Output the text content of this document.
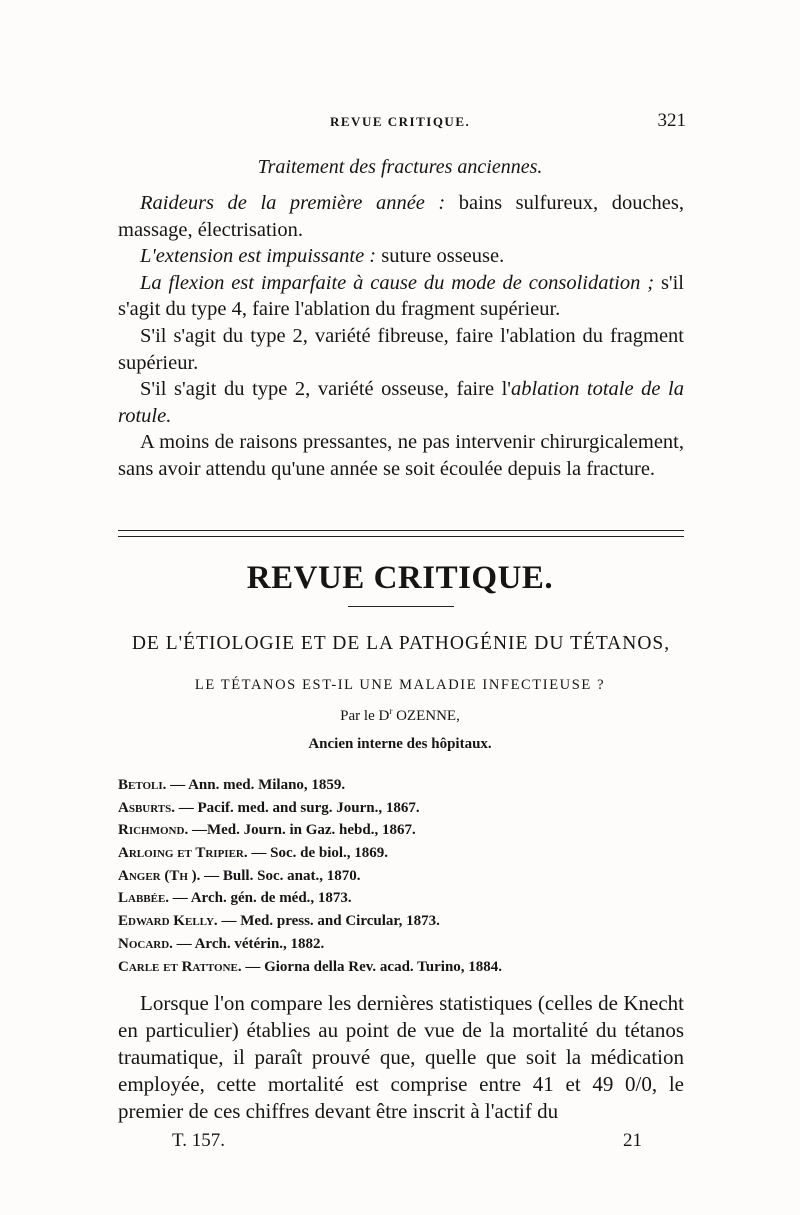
REVUE CRITIQUE.	321
Traitement des fractures anciennes.

Raideurs de la première année : bains sulfureux, douches, massage, électrisation.

L'extension est impuissante : suture osseuse.

La flexion est imparfaite à cause du mode de consolidation ; s'il s'agit du type 4, faire l'ablation du fragment supérieur.

S'il s'agit du type 2, variété fibreuse, faire l'ablation du fragment supérieur.

S'il s'agit du type 2, variété osseuse, faire l'ablation totale de la rotule.

A moins de raisons pressantes, ne pas intervenir chirurgicalement, sans avoir attendu qu'une année se soit écoulée depuis la fracture.

REVUE CRITIQUE.
DE L'ÉTIOLOGIE ET DE LA PATHOGÉNIE DU TÉTANOS,
LE TÉTANOS EST-IL UNE MALADIE INFECTIEUSE ?
Par le $D^r$ OZENNE,
Ancien interne des hôpitaux.
Betoli. — Ann. med. Milano, 1859.
Asburts. — Pacif. med. and surg. Journ., 1867.
Richmond. —Med. Journ. in Gaz. hebd., 1867.
Arloing et Tripier. — Soc. de biol., 1869.
Anger (Th ). — Bull. Soc. anat., 1870.
Labbée. — Arch. gén. de méd., 1873.
Edward Kelly. — Med. press. and Circular, 1873.
Nocard. — Arch. vétérin., 1882.
Carle et Rattone. — Giorna della Rev. acad. Turino, 1884.

Lorsque l'on compare les dernières statistiques (celles de Knecht en particulier) établies au point de vue de la mortalité du tétanos traumatique, il paraît prouvé que, quelle que soit la médication employée, cette mortalité est comprise entre 41 et 49 0/0, le premier de ces chiffres devant être inscrit à l'actif du

T. 157.	21
